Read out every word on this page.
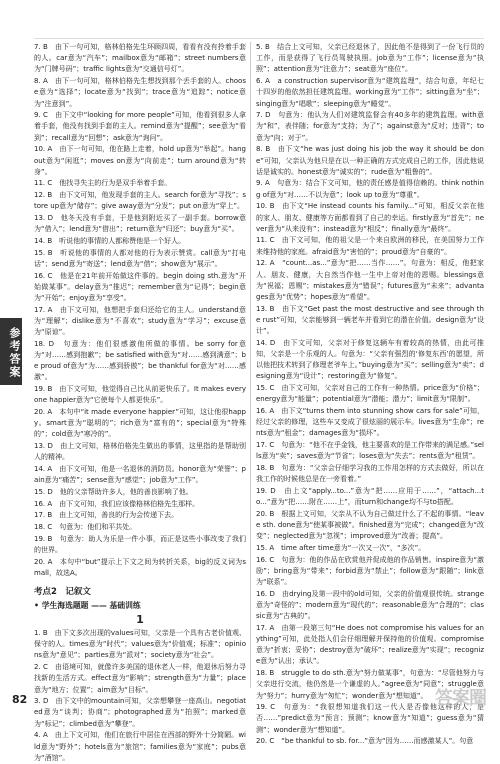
7. B　由下一句可知，格林伯格先生环顾四周，看看有没有拎着手套的人。car意为“汽车”；mailbox意为“邮箱”；street numbers意为“门牌号码”；traffic lights意为“交通信号灯”。

8. A　由下一句可知，格林伯格先生想找到那个丢手套的人。choose意为“选择”；locate意为“找到”；trace意为“追踪”；notice意为“注意到”。

9. C　由下文中“looking for more people”可知，他看到很多人拿着手套，他没有找到手套的主人。remind意为“提醒”；see意为“看到”；recall意为“回想”；ask意为“询问”。

10. A　由下一句可知，他在路上走着，hold up意为“举起”。hang out意为“闲逛”；moves on意为“向前走”；turn around意为“转身”。

11. C　他找寻失主的行为是双手举着手套。

12. B　由下文可知，他发现手套的主人。search for意为“寻找”；store up意为“储存”；give away意为“分发”；put on意为“穿上”。

13. D　他冬天没有手套，于是他到附近买了一副手套。borrow意为“借入”；lend意为“借出”；return意为“归还”；buy意为“买”。

14. B　听说他的事情的人都称赞他是一个好人。

15. B　听说他的事情的人都对他的行为表示赞赏。call意为“打电话”；send意为“寄送”；lend意为“借”；show意为“展示”。

16. C　他是在21年前开始做这件事的。begin doing sth.意为“开始做某事”。delay意为“推迟”；remember意为“记得”；begin意为“开始”；enjoy意为“享受”。

17. A　由下文可知，他想把手套归还给它的主人。understand意为“理解”；dislike意为“不喜欢”；study意为“学习”；excuse意为“原谅”。

18. D　句意为：他们很感激他所做的事情。be sorry for意为“对……感到抱歉”；be satisfied with意为“对……感到满意”；be proud of意为“为……感到骄傲”；be thankful for意为“对……感激”。

19. B　由下文可知，他觉得自己比从前更快乐了。It makes everyone happier意为“它使每个人都更快乐”。

20. A　本句中“it made everyone happier”可知，这让他很happy。smart意为“聪明的”；rich意为“富有的”；special意为“特殊的”；cold意为“寒冷的”。

13. D　由上文可知，格林伯格先生做出的事情，这里指的是帮助别人的精神。

14. A　由下文可知，他是一名退休的消防员。honor意为“荣誉”；pain意为“痛苦”；sense意为“感觉”；job意为“工作”。

15. D　他的父亲帮助许多人，他的善良影响了他。

16. A　由下文可知，我们应该像格林伯格先生那样。

17. B　由上文可知，善良的行为会传递下去。

18. C　句意为：他们和平共处。

19. B　句意为：助人为乐是一件小事，而正是这些小事改变了我们的世界。

20. A　本句中“but”提示上下文之间为转折关系，big的反义词为small，故选A。

考点2　记叙文
• 学生海选题题 —— 基础训练
1

1. B　由下文多次出现的values可知，父亲是一个具有古老价值观、保守的人。times意为“时代”；values意为“价值观；标准”；opinions意为“意见”；parties意为“派对”；society意为“社会”。

2. C　由语境可知，就像许多美国的退休老人一样，他退休后努力寻找新的生活方式。effect意为“影响”；strength意为“力量”；place意为“地方；位置”；aim意为“目标”。

3. D　由下文中的mountain可知，父亲想攀登一座高山。negotiated意为“谈判；协商”；photographed意为“拍照”；marked意为“标记”；climbed意为“攀登”。

4. A　由上下文可知，他们在旅行中居住在西部的野外十分简陋。wild意为“野外”；hotels意为“旅馆”；families意为“家庭”；pubs意为“酒馆”。

5. B　结合上文可知，父亲已经退休了，因此他不是得到了一份飞行员的工作，而是获得了飞行员驾驶执照。job意为“工作”；license意为“执照”；attention意为“注意力”；seat意为“座位”。

6. A　a construction supervisor意为“建筑监理”，结合句意，年纪七十四岁的他依然担任建筑监理。working意为“工作”；sitting意为“坐”；singing意为“唱歌”；sleeping意为“睡觉”。

7. D　句意为：他认为人们对建筑监督会有40多年的建筑监理。with意为“和”，表伴随；for意为“支持；为了”；against意为“反对；违背”；to意为“向；对于”。

8. B　由下文“he was just doing his job the way it should be done”可知，父亲认为他只是在以一种正确的方式完成自己的工作，因此他说话是诚实的。honest意为“诚实的”；rude意为“粗鲁的”。

9. A　句意为：结合下文可知，他的责任感是值得信赖的。think nothing of意为“对……不以为意”；look up to意为“尊重”。

10. B　由下文“He instead counts his family...”可知，相反父亲在他的家人、朋友、健康等方面都看到了自己的幸运。firstly意为“首先”；never意为“从来没有”；instead意为“相反”；finally意为“最终”。

11. C　由下文可知，他的祖父是一个来自欧洲的移民，在美国努力工作来维持他的家庭。afraid意为“害怕的”；proud意为“自豪的”。

12. A　“count...as...”意为“把……当作……”。句意为：相反，他把家人、朋友、健康，大自然当作他一生中上帝对他的恩赐。blessings意为“祝福；恩赐”；mistakes意为“错误”；futures意为“未来”；advantages意为“优势”；hopes意为“希望”。

13. B　由下文“Get past the most destructive and see through the rust”可知，父亲能够到一辆老车并看到它的潜在价值。design意为“设计”。

14. D　由下文可知，父亲对于修复这辆车有着较高的热情，由此可推知，父亲是一个乐观的人。句意为：“父亲有强烈的‘修复东西’的愿望，所以他把技术转到了修理老爷车上。”buying意为“买”；selling意为“卖”；designing意为“设计”；restoring意为“修复”。

15. C　由下文可知，父亲对自己的工作有一种热情。price意为“价格”；energy意为“能量”；potential意为“潜能；潜力”；limit意为“限制”。

16. A　由下文“turns them into stunning show cars for sale”可知，经过父亲的修理，这些车又变成了很炫丽的展示车。lives意为“生命”；rents意为“租金”；damages意为“损坏”。

17. C　句意为：“他不在乎金钱，他主要喜欢的是工作带来的满足感。”sells意为“卖”；saves意为“节省”；loses意为“失去”；rents意为“租赁”。

18. B　句意为：“父亲会仔细学习我的工作用怎样的方式去做好，所以在我工作的时候他总是在一旁看着。”

19. D　由上文“apply...to...”意为“把……应用于……”，“attach...to...”意为“把……附在……上”，而turn和change均不与to搭配。

20. B　根据上文可知，父亲从不认为自己做过什么了不起的事情。“leave sth. done意为“使某事被做”。finished意为“完成”；changed意为“改变”；neglected意为“忽视”；improved意为“改善；提高”。

15. A　time after time意为“一次又一次”，“多次”。

16. C　句意为：他的作品在欣赏他并促成他的作品销售。inspire意为“激励”；bring意为“带来”；forbid意为“禁止”；follow意为“跟随”；link意为“联系”。

16. D　由drying及第一段中的old可知，父亲的价值观很传统。strange意为“奇怪的”；modern意为“现代的”；reasonable意为“合理的”；classic意为“古典的”。

17. A　由第一段第三句“He does not compromise his values for anything”可知，此处指人们会仔细理解并保持他的价值观。compromise意为“折衷；妥协”；destroy意为“破坏”；realize意为“实现”；recognize意为“认出；承认”。

18. B　struggle to do sth.意为“努力做某事”，句意为：“尽管他努力与父亲进行交流，他仍然是一个谦虚的人。”agree意为“同意”；struggle意为“努力”；hurry意为“匆忙”；wonder意为“想知道”。

19. C　句意为：“我很想知道我们这一代人是否像他这样的人，是否……”predict意为“预言；预测”；know意为“知道”；guess意为“猜测”；wonder意为“想知道”。

20. C　“be thankful to sb. for...”意为“因为……而感激某人”。句意

参考答案
82	答案圈
